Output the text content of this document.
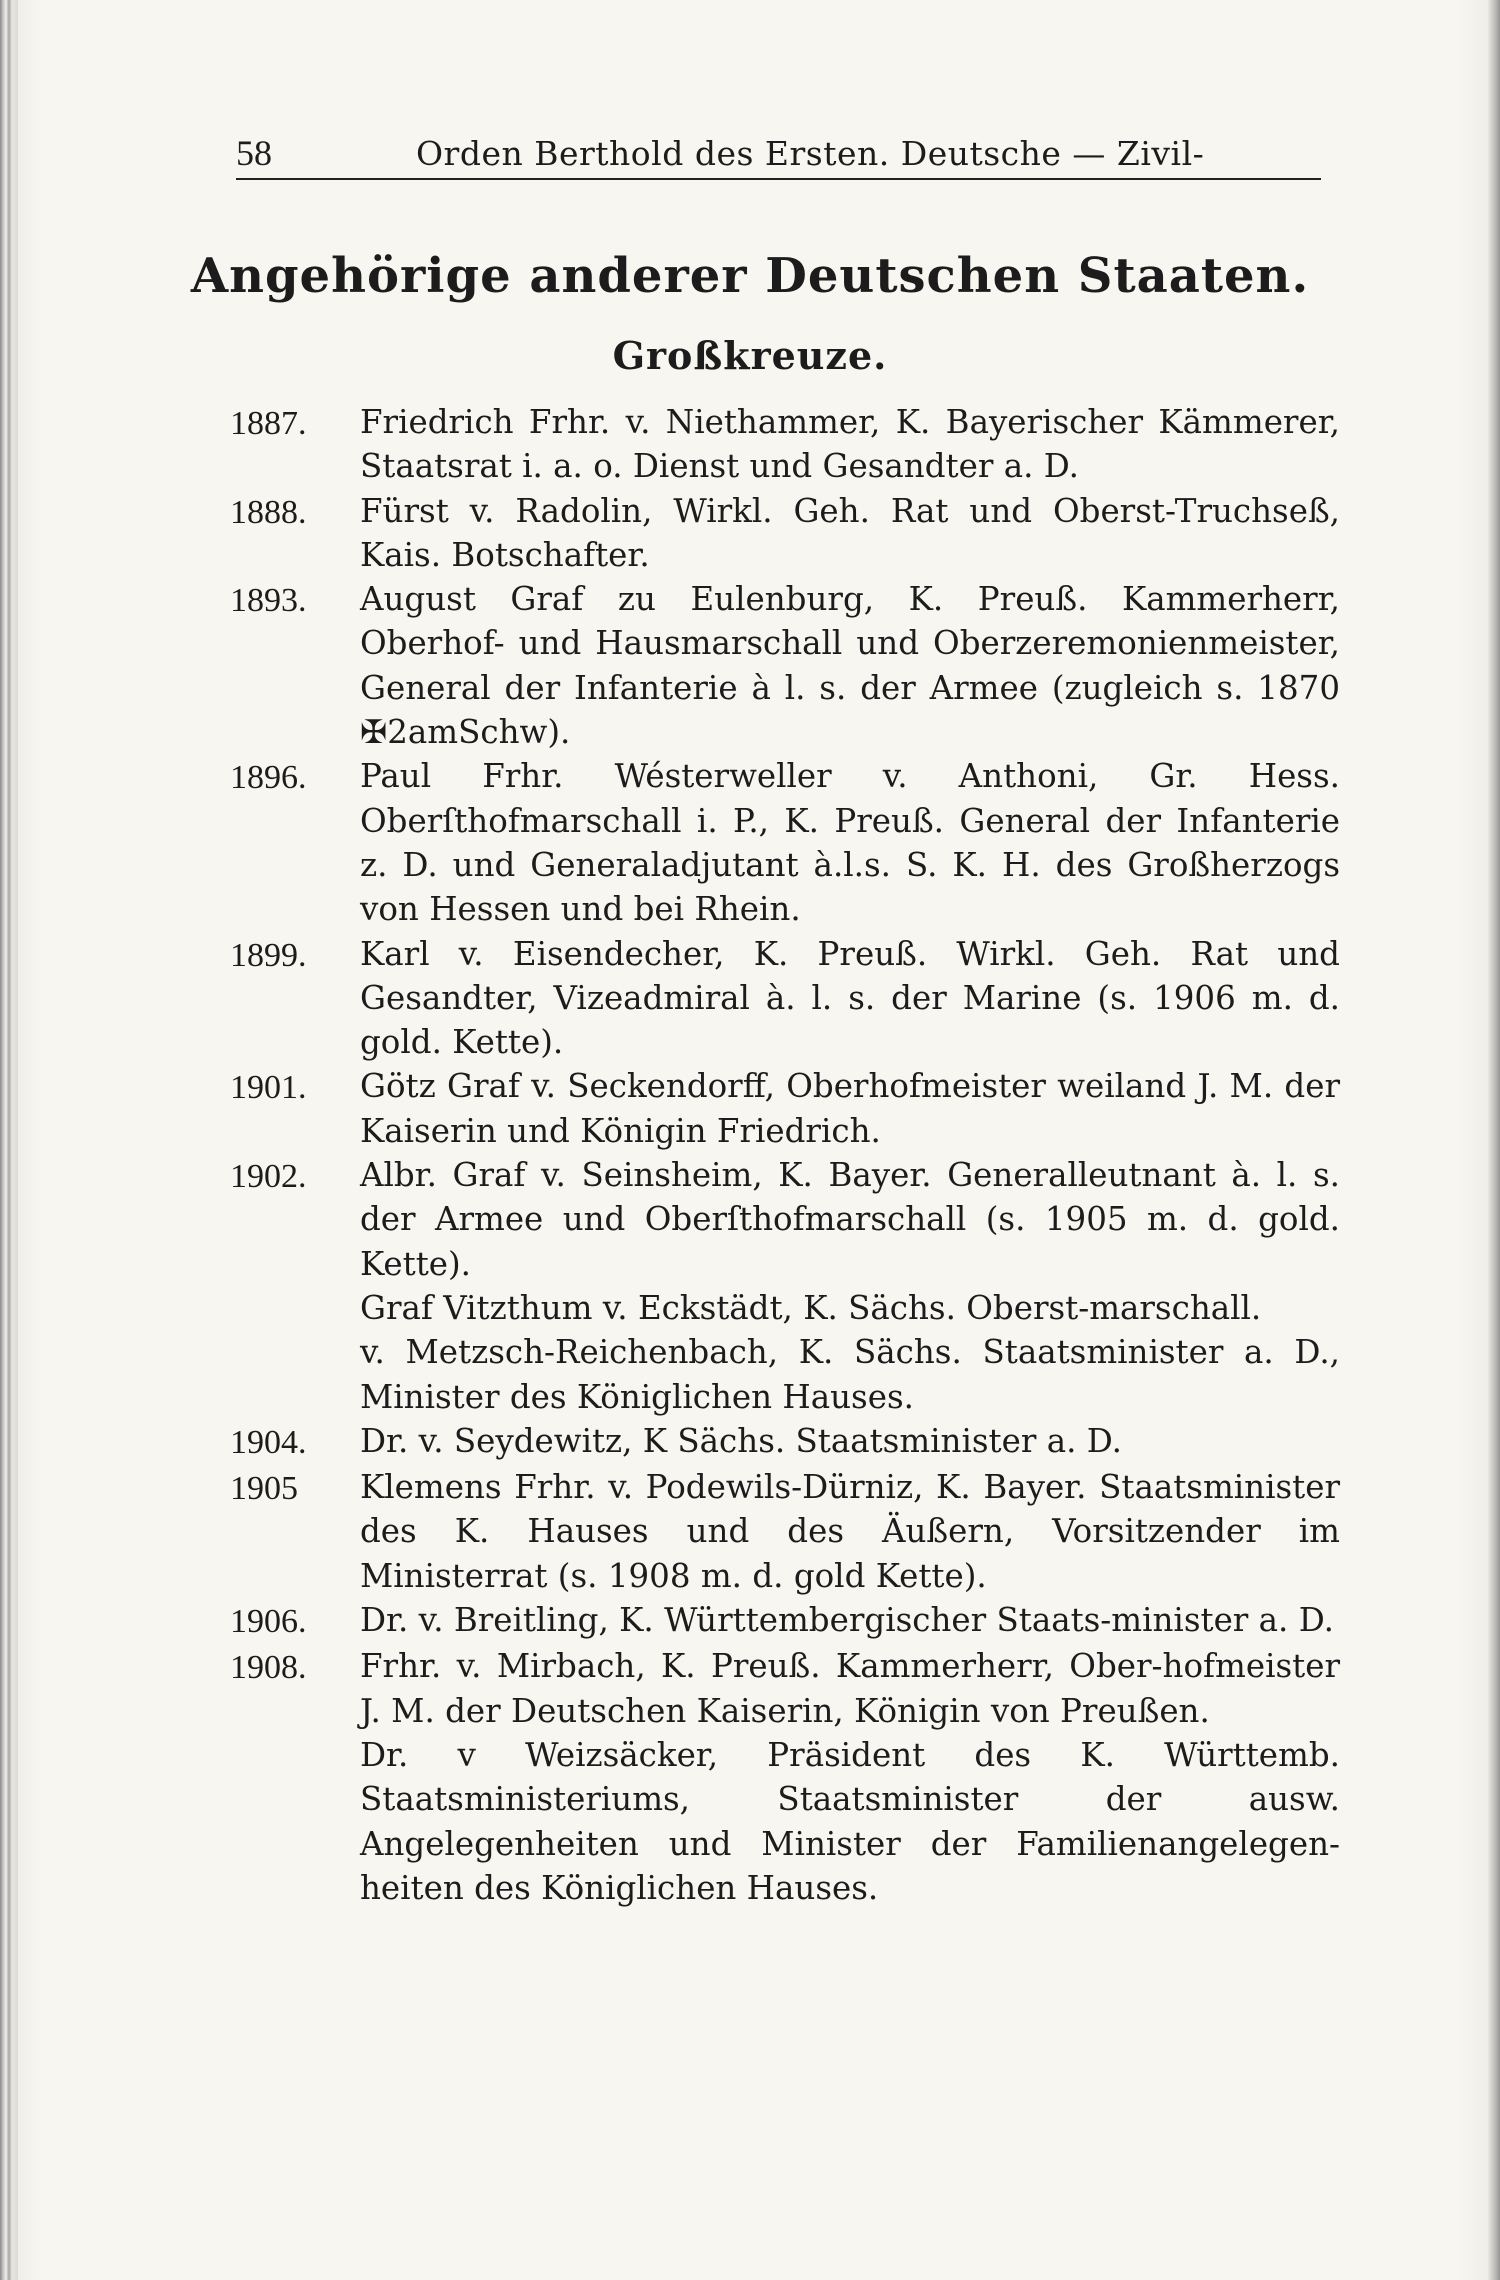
58	Orden Berthold des Ersten. Deutsche — Zivil-
Angehörige anderer Deutschen Staaten.
Großkreuze.
1887.	Friedrich Frhr. v. Niethammer, K. Bayerischer Kämmerer, Staatsrat i. a. o. Dienst und Gesandter a. D.
1888.	Fürst v. Radolin, Wirkl. Geh. Rat und Oberst-Truchseß, Kais. Botschafter.
1893.	August Graf zu Eulenburg, K. Preuß. Kammerherr, Oberhof- und Hausmarschall und Oberzeremonienmeister, General der Infanterie à l. s. der Armee (zugleich s. 1870 ✠2amSchw).
1896.	Paul Frhr. Wésterweller v. Anthoni, Gr. Hess. Oberſthofmarschall i. P., K. Preuß. General der Infanterie z. D. und Generaladjutant à.l.s. S. K. H. des Großherzogs von Hessen und bei Rhein.
1899.	Karl v. Eisendecher, K. Preuß. Wirkl. Geh. Rat und Gesandter, Vizeadmiral à. l. s. der Marine (s. 1906 m. d. gold. Kette).
1901.	Götz Graf v. Seckendorff, Oberhofmeister weiland J. M. der Kaiserin und Königin Friedrich.
1902.	Albr. Graf v. Seinsheim, K. Bayer. Generalleutnant à. l. s. der Armee und Oberſthofmarschall (s. 1905 m. d. gold. Kette).
Graf Vitzthum v. Eckstädt, K. Sächs. Oberst-marschall.
v. Metzsch-Reichenbach, K. Sächs. Staatsminister a. D., Minister des Königlichen Hauses.
1904.	Dr. v. Seydewitz, K Sächs. Staatsminister a. D.
1905	Klemens Frhr. v. Podewils-Dürniz, K. Bayer. Staatsminister des K. Hauses und des Äußern, Vorsitzender im Ministerrat (s. 1908 m. d. gold Kette).
1906.	Dr. v. Breitling, K. Württembergischer Staats-minister a. D.
1908.	Frhr. v. Mirbach, K. Preuß. Kammerherr, Ober-hofmeister J. M. der Deutschen Kaiserin, Königin von Preußen.
Dr. v Weizsäcker, Präsident des K. Württemb. Staatsministeriums, Staatsminister der ausw. Angelegenheiten und Minister der Familienangelegen-heiten des Königlichen Hauses.
